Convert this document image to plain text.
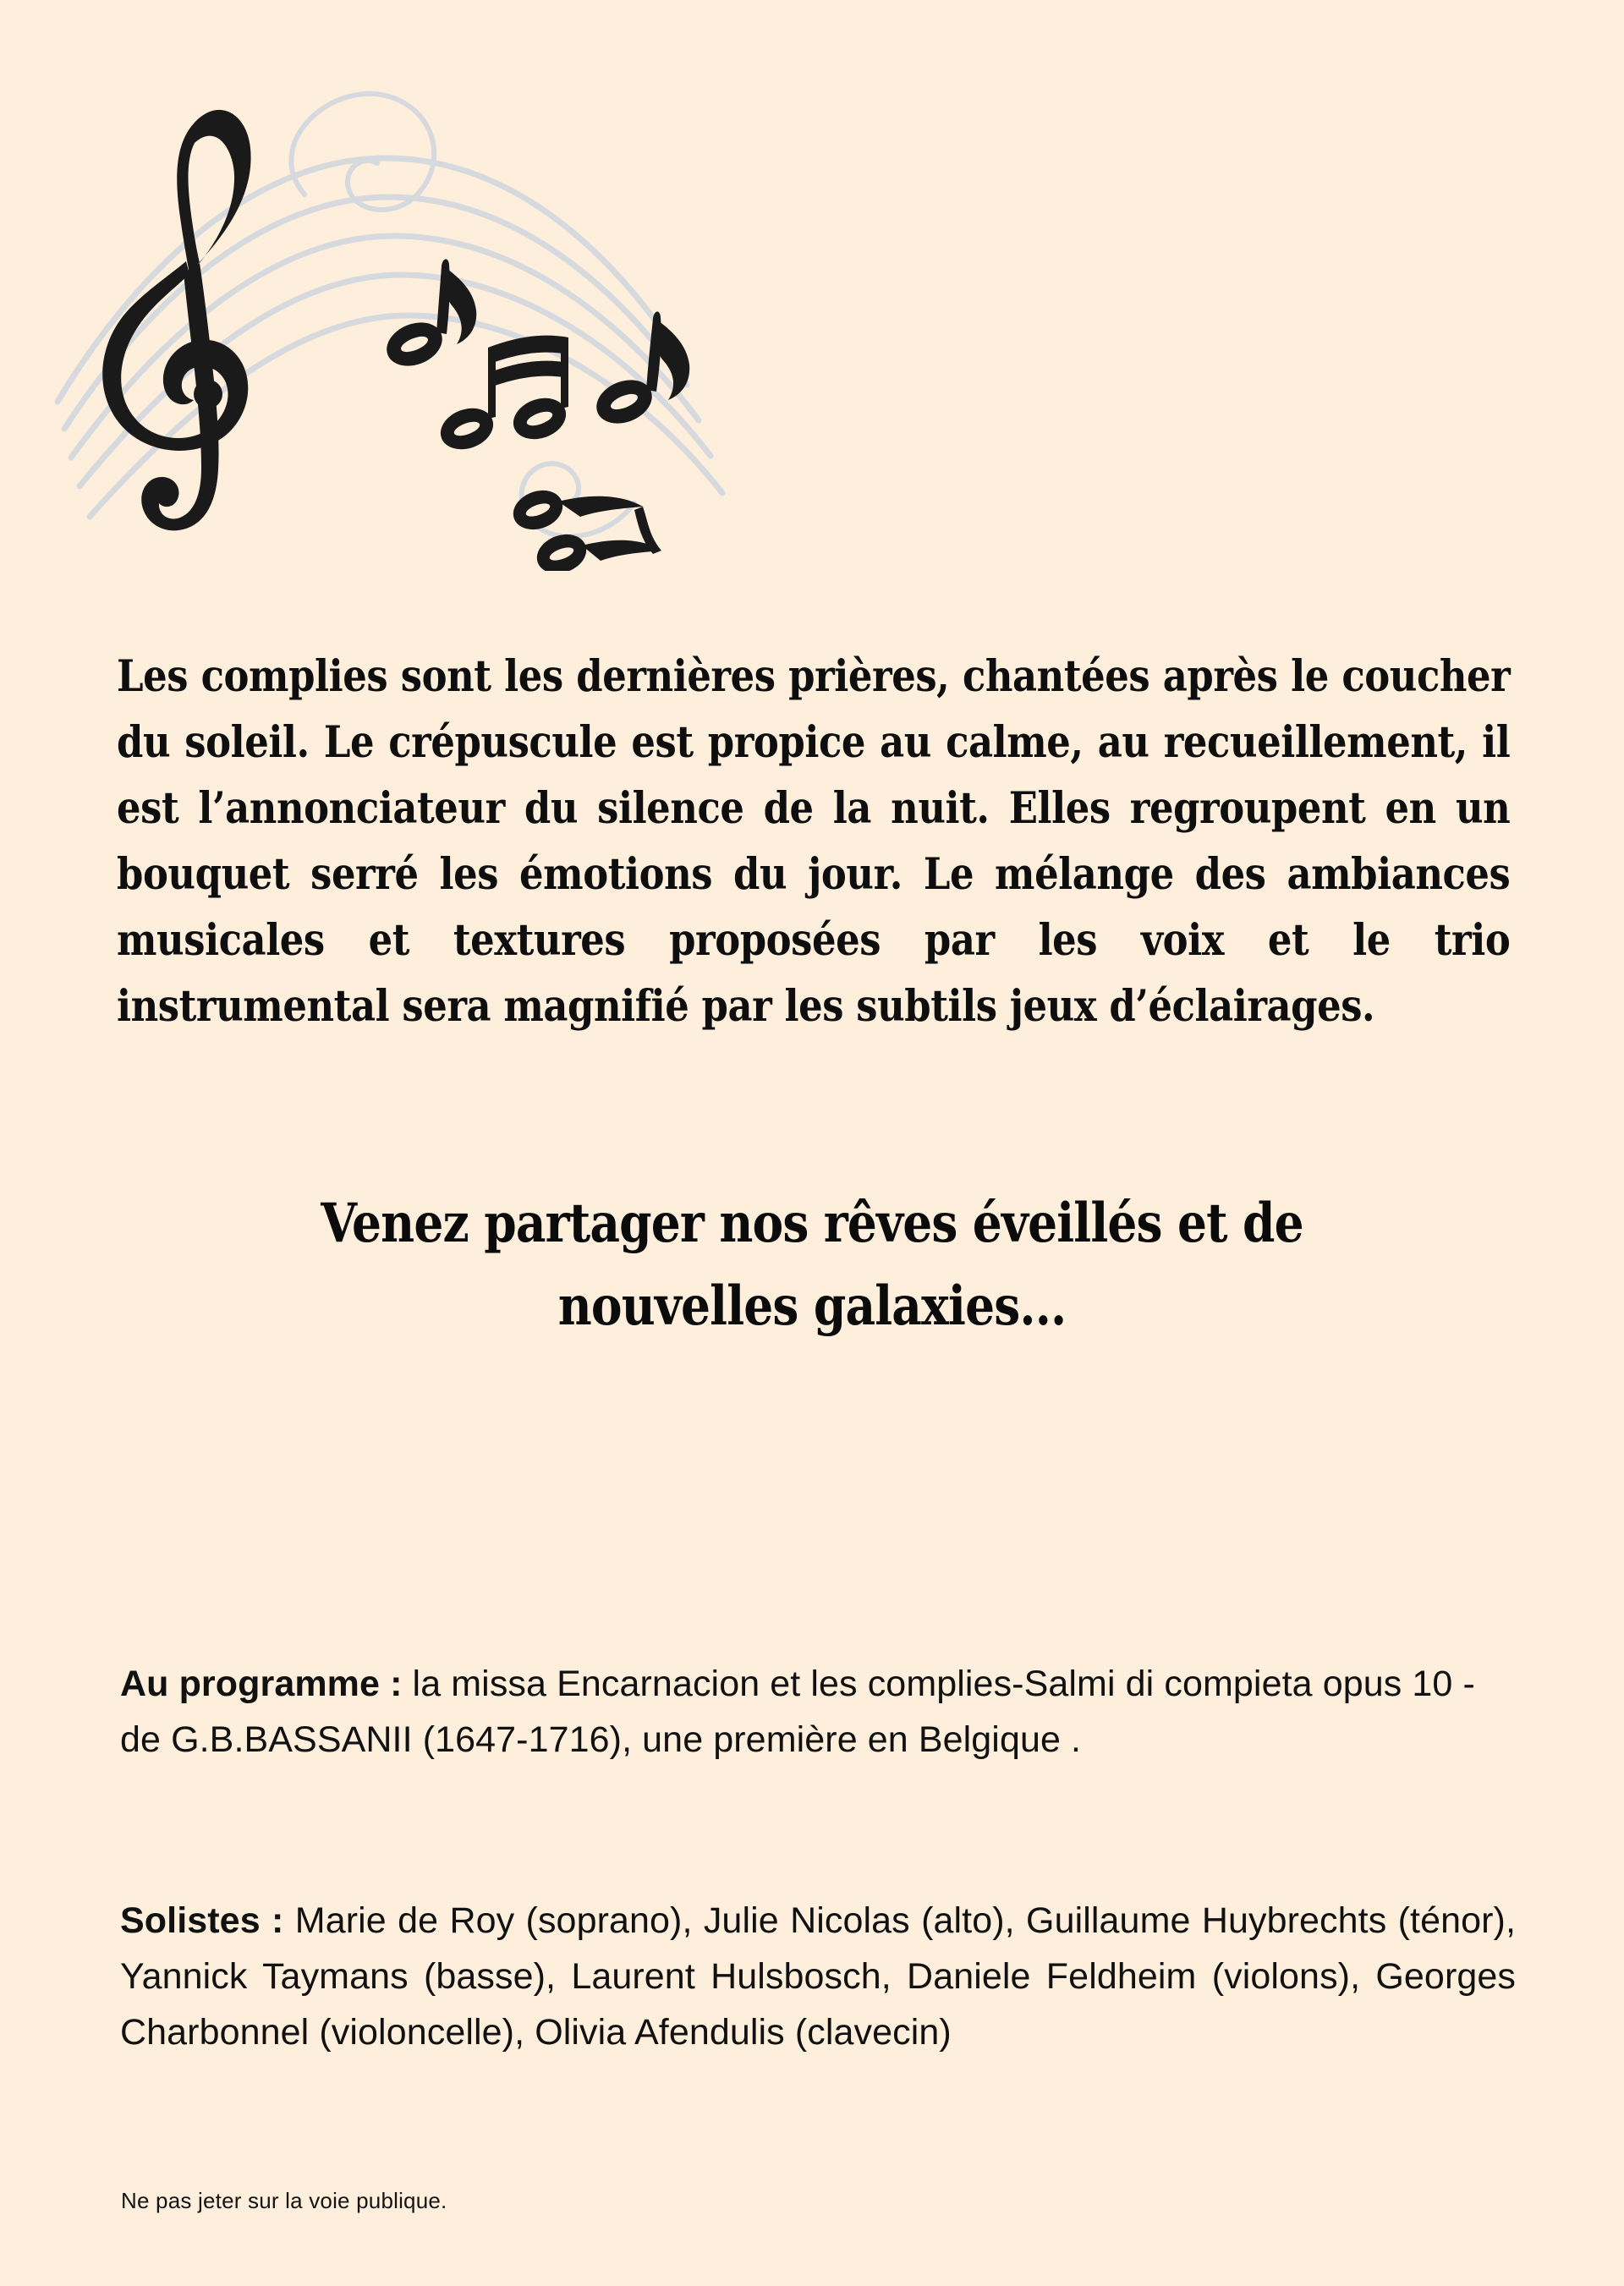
Les complies sont les dernières prières, chantées après le coucher du soleil. Le crépuscule est propice au calme, au recueillement, il est l’annonciateur du silence de la nuit. Elles regroupent en un bouquet serré les émotions du jour. Le mélange des ambiances musicales et textures proposées par les voix et le trio instrumental sera magnifié par les subtils jeux d’éclairages.

Venez partager nos rêves éveillés et de nouvelles galaxies...

Au programme : la missa Encarnacion et les complies-Salmi di compieta opus 10 - de G.B.BASSANII (1647-1716), une première en Belgique .

Solistes : Marie de Roy (soprano), Julie Nicolas (alto), Guillaume Huybrechts (ténor), Yannick Taymans (basse), Laurent Hulsbosch, Daniele Feldheim (violons), Georges Charbonnel (violoncelle), Olivia Afendulis (clavecin)

Ne pas jeter sur la voie publique.
